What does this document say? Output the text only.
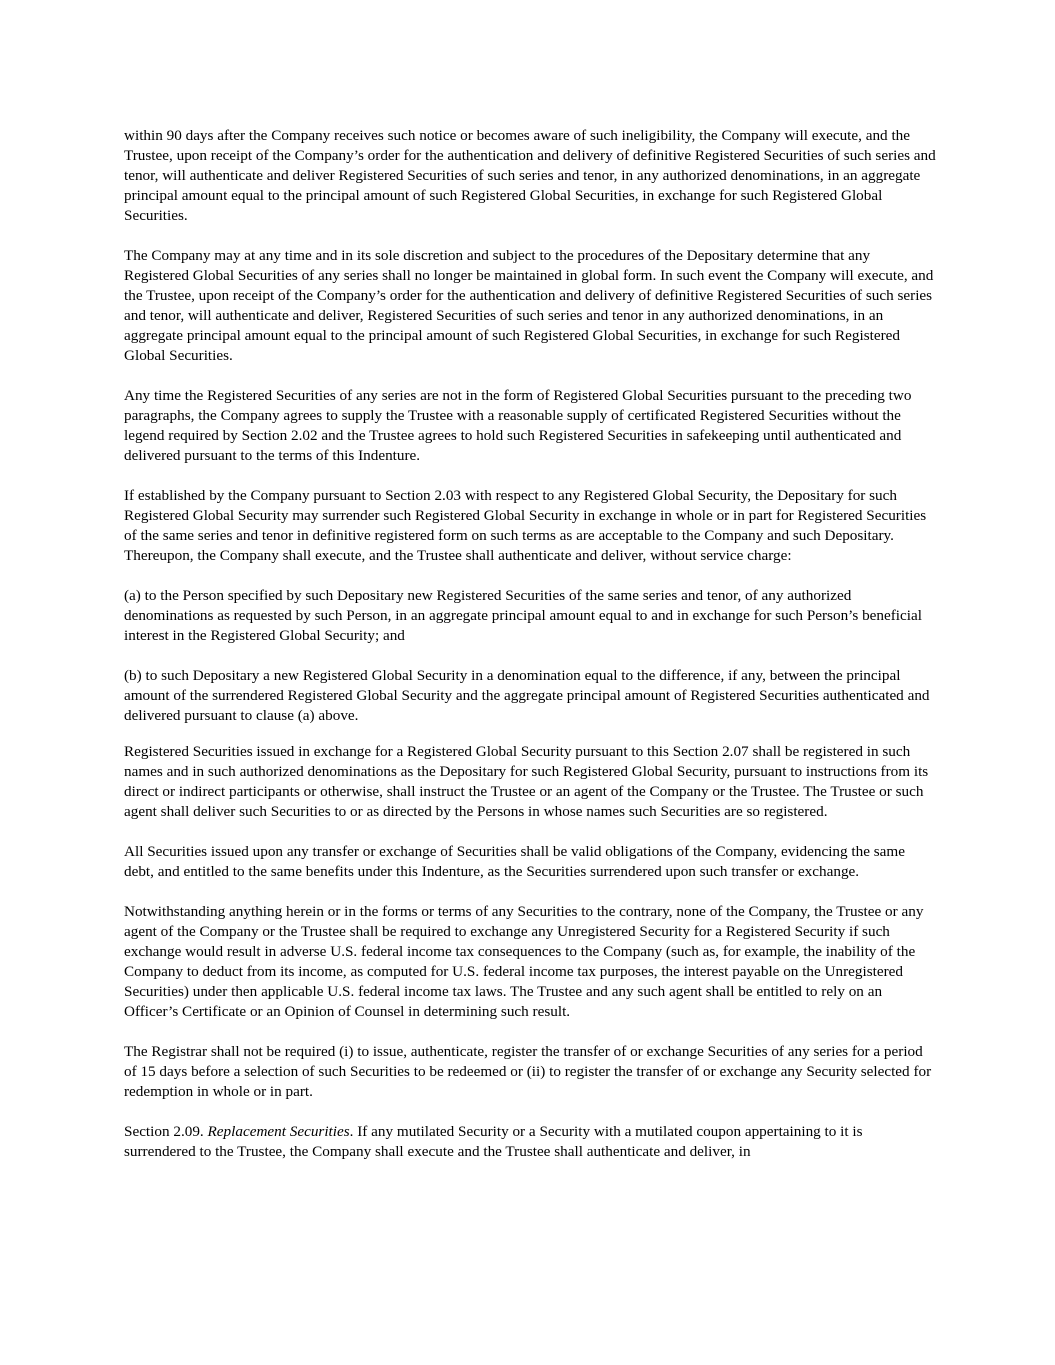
within 90 days after the Company receives such notice or becomes aware of such ineligibility, the Company will execute, and the Trustee, upon receipt of the Company’s order for the authentication and delivery of definitive Registered Securities of such series and tenor, will authenticate and deliver Registered Securities of such series and tenor, in any authorized denominations, in an aggregate principal amount equal to the principal amount of such Registered Global Securities, in exchange for such Registered Global Securities.

The Company may at any time and in its sole discretion and subject to the procedures of the Depositary determine that any Registered Global Securities of any series shall no longer be maintained in global form. In such event the Company will execute, and the Trustee, upon receipt of the Company’s order for the authentication and delivery of definitive Registered Securities of such series and tenor, will authenticate and deliver, Registered Securities of such series and tenor in any authorized denominations, in an aggregate principal amount equal to the principal amount of such Registered Global Securities, in exchange for such Registered Global Securities.

Any time the Registered Securities of any series are not in the form of Registered Global Securities pursuant to the preceding two paragraphs, the Company agrees to supply the Trustee with a reasonable supply of certificated Registered Securities without the legend required by Section 2.02 and the Trustee agrees to hold such Registered Securities in safekeeping until authenticated and delivered pursuant to the terms of this Indenture.

If established by the Company pursuant to Section 2.03 with respect to any Registered Global Security, the Depositary for such Registered Global Security may surrender such Registered Global Security in exchange in whole or in part for Registered Securities of the same series and tenor in definitive registered form on such terms as are acceptable to the Company and such Depositary. Thereupon, the Company shall execute, and the Trustee shall authenticate and deliver, without service charge:

(a) to the Person specified by such Depositary new Registered Securities of the same series and tenor, of any authorized denominations as requested by such Person, in an aggregate principal amount equal to and in exchange for such Person’s beneficial interest in the Registered Global Security; and

(b) to such Depositary a new Registered Global Security in a denomination equal to the difference, if any, between the principal amount of the surrendered Registered Global Security and the aggregate principal amount of Registered Securities authenticated and delivered pursuant to clause (a) above.

Registered Securities issued in exchange for a Registered Global Security pursuant to this Section 2.07 shall be registered in such names and in such authorized denominations as the Depositary for such Registered Global Security, pursuant to instructions from its direct or indirect participants or otherwise, shall instruct the Trustee or an agent of the Company or the Trustee. The Trustee or such agent shall deliver such Securities to or as directed by the Persons in whose names such Securities are so registered.

All Securities issued upon any transfer or exchange of Securities shall be valid obligations of the Company, evidencing the same debt, and entitled to the same benefits under this Indenture, as the Securities surrendered upon such transfer or exchange.

Notwithstanding anything herein or in the forms or terms of any Securities to the contrary, none of the Company, the Trustee or any agent of the Company or the Trustee shall be required to exchange any Unregistered Security for a Registered Security if such exchange would result in adverse U.S. federal income tax consequences to the Company (such as, for example, the inability of the Company to deduct from its income, as computed for U.S. federal income tax purposes, the interest payable on the Unregistered Securities) under then applicable U.S. federal income tax laws. The Trustee and any such agent shall be entitled to rely on an Officer’s Certificate or an Opinion of Counsel in determining such result.

The Registrar shall not be required (i) to issue, authenticate, register the transfer of or exchange Securities of any series for a period of 15 days before a selection of such Securities to be redeemed or (ii) to register the transfer of or exchange any Security selected for redemption in whole or in part.

Section 2.09. Replacement Securities. If any mutilated Security or a Security with a mutilated coupon appertaining to it is surrendered to the Trustee, the Company shall execute and the Trustee shall authenticate and deliver, in
